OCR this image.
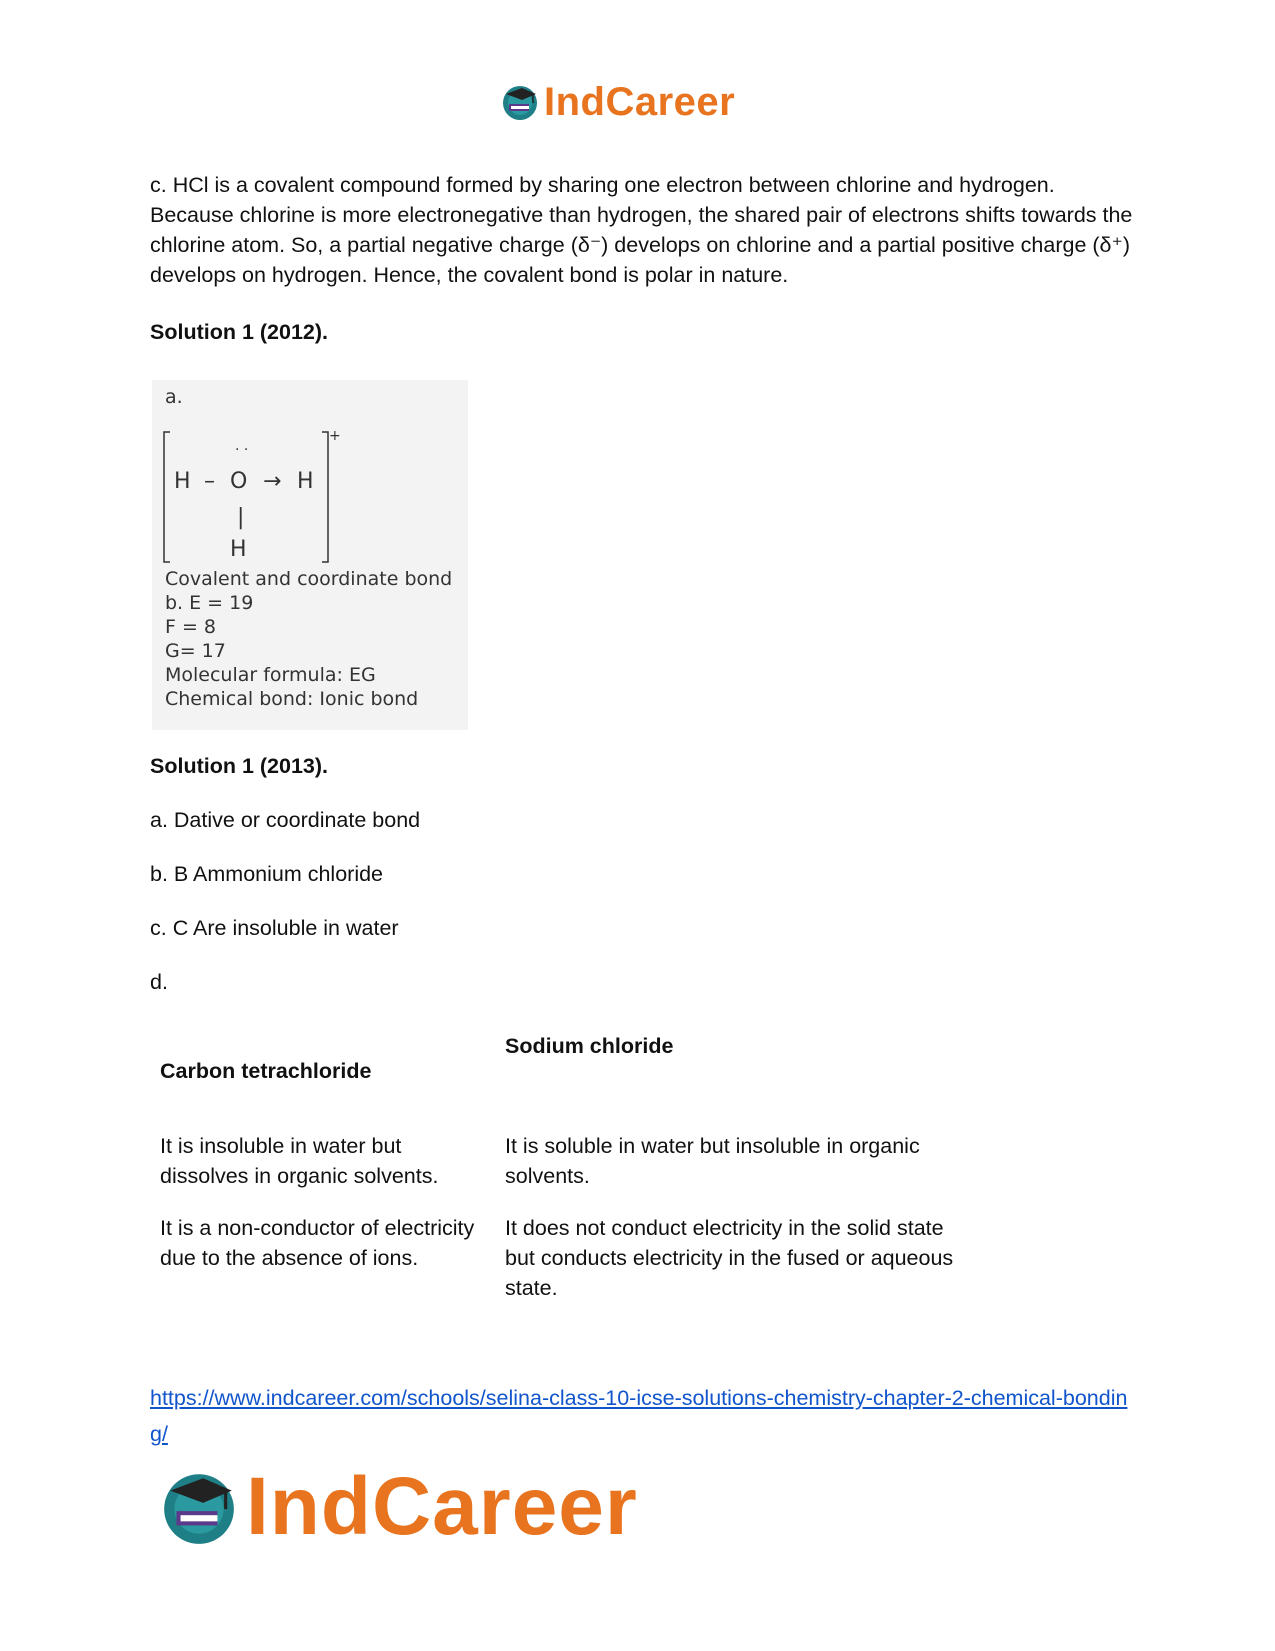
IndCareer
c. HCl is a covalent compound formed by sharing one electron between chlorine and hydrogen. Because chlorine is more electronegative than hydrogen, the shared pair of electrons shifts towards the chlorine atom. So, a partial negative charge (δ⁻) develops on chlorine and a partial positive charge (δ⁺) develops on hydrogen. Hence, the covalent bond is polar in nature.
Solution 1 (2012).
a.
+
· ·
H – O → H
|
H
Covalent and coordinate bond
b. E = 19
F = 8
G= 17
Molecular formula: EG
Chemical bond: Ionic bond
Solution 1 (2013).
a. Dative or coordinate bond
b. B Ammonium chloride
c. C Are insoluble in water
d.
Carbon tetrachloride
Sodium chloride
It is insoluble in water but dissolves in organic solvents.
It is soluble in water but insoluble in organic solvents.
It is a non-conductor of electricity due to the absence of ions.
It does not conduct electricity in the solid state but conducts electricity in the fused or aqueous state.
https://www.indcareer.com/schools/selina-class-10-icse-solutions-chemistry-chapter-2-chemical-bonding/
IndCareer
